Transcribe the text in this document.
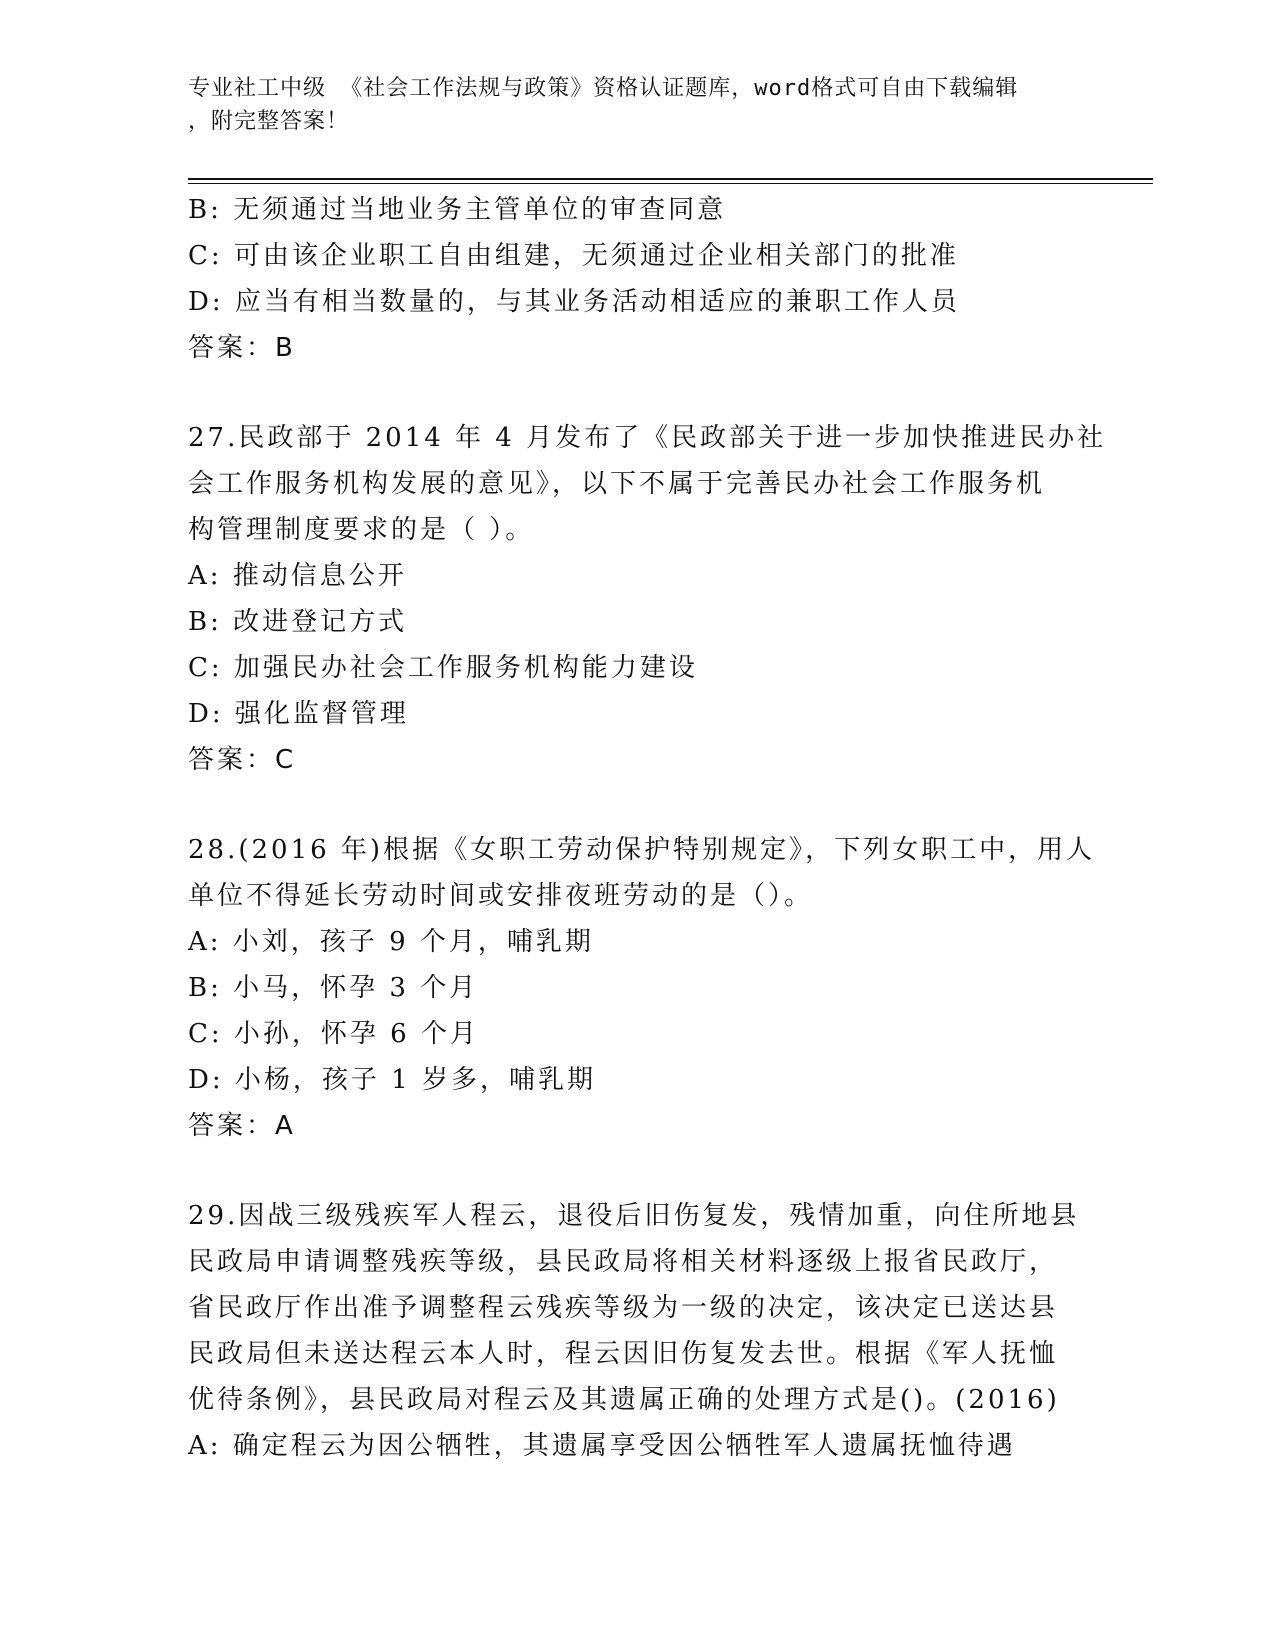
专业社工中级 《社会工作法规与政策》资格认证题库，word格式可自由下载编辑
，附完整答案！
B: 无须通过当地业务主管单位的审查同意
C: 可由该企业职工自由组建，无须通过企业相关部门的批准
D: 应当有相当数量的，与其业务活动相适应的兼职工作人员
答案：B
27.民政部于 2014 年 4 月发布了《民政部关于进一步加快推进民办社
会工作服务机构发展的意见》，以下不属于完善民办社会工作服务机
构管理制度要求的是（ ）。
A: 推动信息公开
B: 改进登记方式
C: 加强民办社会工作服务机构能力建设
D: 强化监督管理
答案：C
28.(2016 年)根据《女职工劳动保护特别规定》，下列女职工中，用人
单位不得延长劳动时间或安排夜班劳动的是（）。
A: 小刘，孩子 9 个月，哺乳期
B: 小马，怀孕 3 个月
C: 小孙，怀孕 6 个月
D: 小杨，孩子 1 岁多，哺乳期
答案：A
29.因战三级残疾军人程云，退役后旧伤复发，残情加重，向住所地县
民政局申请调整残疾等级，县民政局将相关材料逐级上报省民政厅，
省民政厅作出准予调整程云残疾等级为一级的决定，该决定已送达县
民政局但未送达程云本人时，程云因旧伤复发去世。根据《军人抚恤
优待条例》，县民政局对程云及其遗属正确的处理方式是()。(2016)
A: 确定程云为因公牺牲，其遗属享受因公牺牲军人遗属抚恤待遇
